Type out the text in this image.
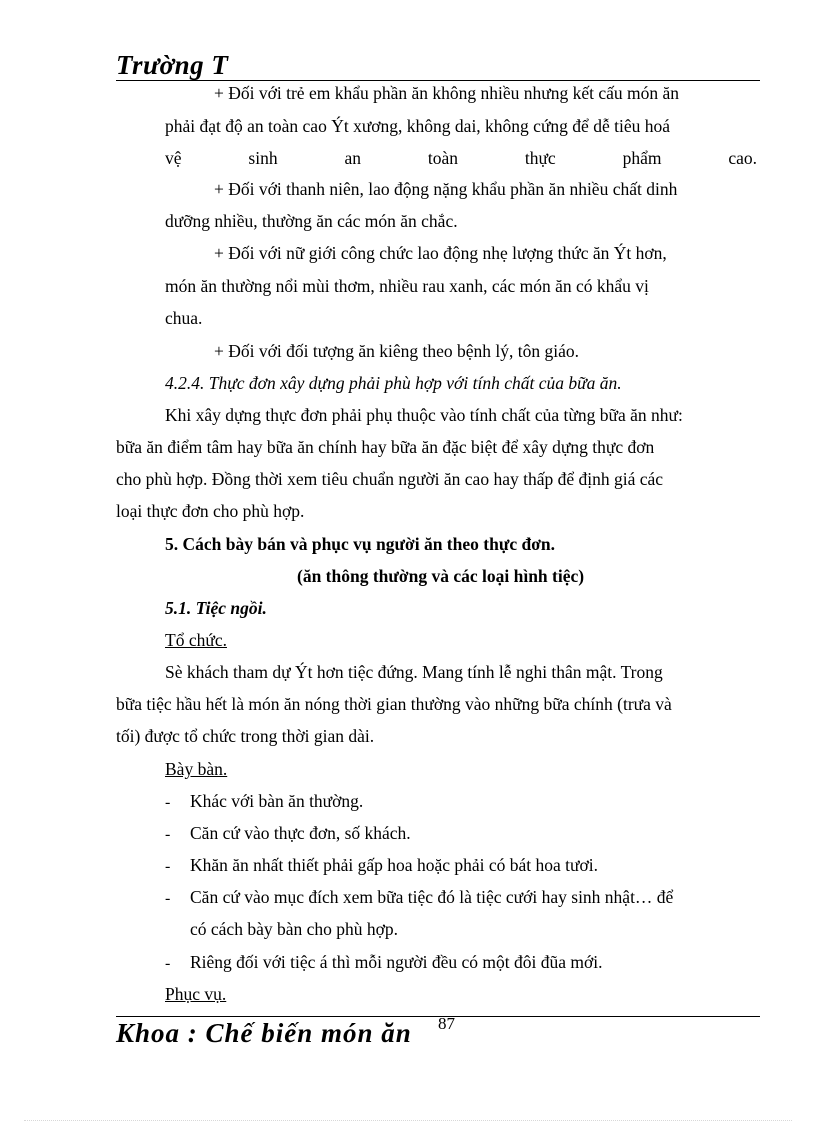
Trường T
+ Đối với trẻ em khẩu phần ăn không nhiều nhưng kết cấu món ăn
phải đạt độ an toàn cao Ýt xương, không dai, không cứng để dễ tiêu hoá
vệ sinh an toàn thực phẩm cao.
+ Đối với thanh niên, lao động nặng khẩu phần ăn nhiều chất dinh
dưỡng nhiều, thường ăn các món ăn chắc.
+ Đối với nữ giới công chức lao động nhẹ lượng thức ăn Ýt hơn,
món ăn thường nổi mùi thơm, nhiều rau xanh, các món ăn có khẩu vị
chua.
+ Đối với đối tượng ăn kiêng theo bệnh lý, tôn giáo.
4.2.4. Thực đơn xây dựng phải phù hợp với tính chất của bữa ăn.
Khi xây dựng thực đơn phải phụ thuộc vào tính chất của từng bữa ăn như:
bữa ăn điểm tâm hay bữa ăn chính hay bữa ăn đặc biệt để xây dựng thực đơn
cho phù hợp. Đồng thời xem tiêu chuẩn người ăn cao hay thấp để định giá các
loại thực đơn cho phù hợp.
5. Cách bày bán và phục vụ người ăn theo thực đơn.
(ăn thông thường và các loại hình tiệc)
5.1. Tiệc ngồi.
Tổ chức.
Sè khách tham dự Ýt hơn tiệc đứng. Mang tính lễ nghi thân mật. Trong
bữa tiệc hầu hết là món ăn nóng thời gian thường vào những bữa chính (trưa và
tối) được tổ chức trong thời gian dài.
Bày bàn.
- Khác với bàn ăn thường.
- Căn cứ vào thực đơn, số khách.
- Khăn ăn nhất thiết phải gấp hoa hoặc phải có bát hoa tươi.
- Căn cứ vào mục đích xem bữa tiệc đó là tiệc cưới hay sinh nhật… để
có cách bày bàn cho phù hợp.
- Riêng đối với tiệc á thì mỗi người đều có một đôi đũa mới.
Phục vụ.
Khoa : Chế biến món ăn 87
